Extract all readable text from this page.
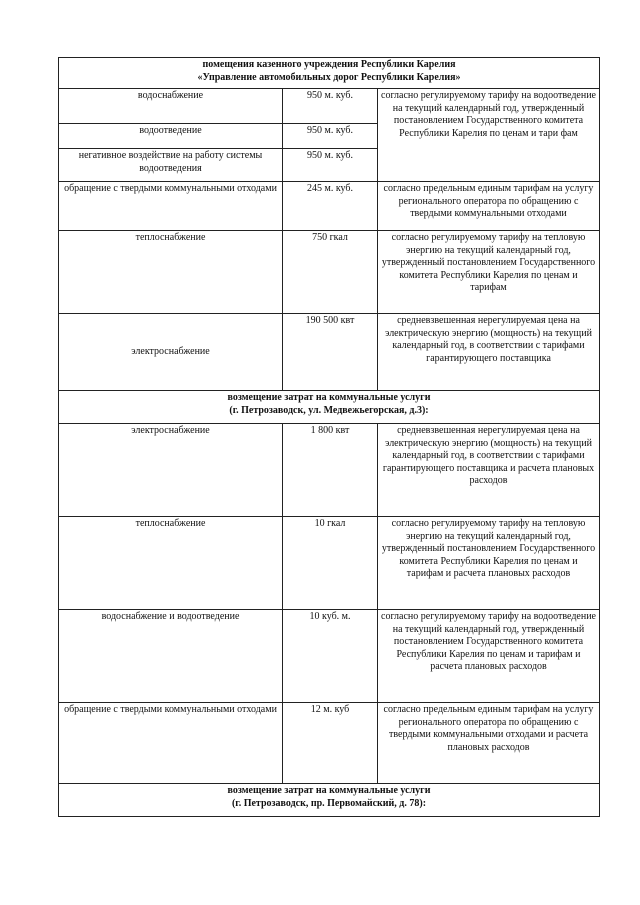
помещения казенного учреждения Республики Карелия
«Управление автомобильных дорог Республики Карелия»		

водоснабжение	950 м. куб.	согласно регулируемому тарифу на водоотведение на текущий календарный год, утвержденный постановлением Государственного комитета Республики Карелия по ценам и тари фам
водоотведение	950 м. куб.	
негативное воздействие на работу системы водоотведения	950 м. куб.	
обращение с твердыми коммунальными отходами	245 м. куб.	согласно предельным единым тарифам на услугу регионального оператора по обращению с твердыми коммунальными отходами
теплоснабжение	750 гкал	согласно регулируемому тарифу на тепловую энергию на текущий календарный год, утвержденный постановлением Государственного комитета Республики Карелия по ценам и тарифам
электроснабжение	190 500 квт	средневзвешенная нерегулируемая цена на электрическую энергию (мощность) на текущий календарный год, в соответствии с тарифами гарантирующего поставщика

возмещение затрат на коммунальные услуги
(г. Петрозаводск, ул. Медвежьегорская, д.3):		

электроснабжение	1 800 квт	средневзвешенная нерегулируемая цена на электрическую энергию (мощность) на текущий календарный год, в соответствии с тарифами гарантирующего поставщика и расчета плановых расходов
теплоснабжение	10 гкал	согласно регулируемому тарифу на тепловую энергию на текущий календарный год, утвержденный постановлением Государственного комитета Республики Карелия по ценам и тарифам и расчета плановых расходов
водоснабжение и водоотведение	10 куб. м.	согласно регулируемому тарифу на водоотведение на текущий календарный год, утвержденный постановлением Государственного комитета Республики Карелия по ценам и тарифам и расчета плановых расходов
обращение с твердыми коммунальными отходами	12 м. куб	согласно предельным единым тарифам на услугу регионального оператора по обращению с твердыми коммунальными отходами и расчета плановых расходов

возмещение затрат на коммунальные услуги
(г. Петрозаводск, пр. Первомайский, д. 78):		
